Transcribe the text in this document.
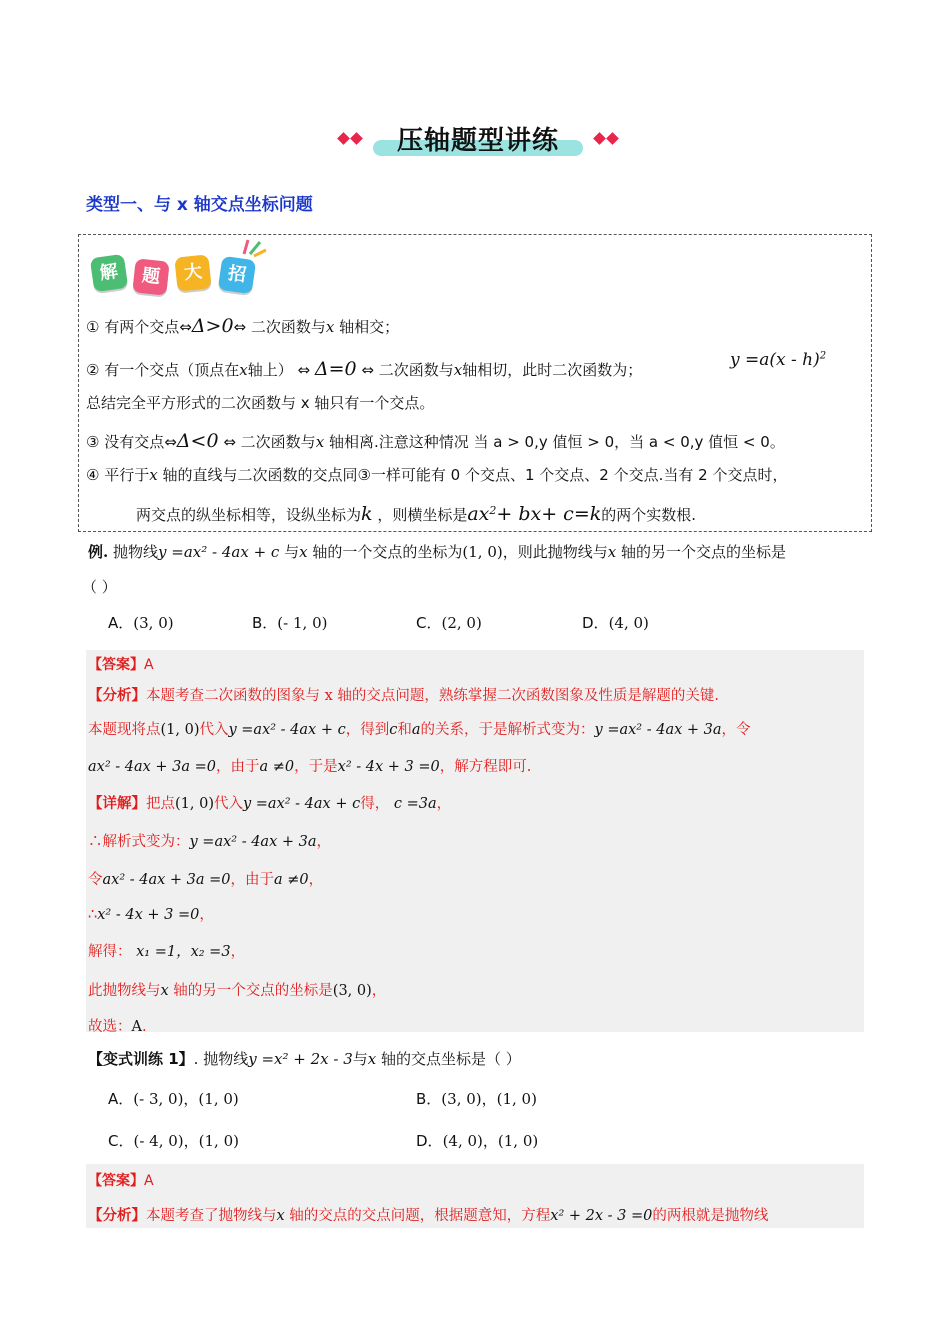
压轴题型讲练
类型一、与 x 轴交点坐标问题
解	题	大	招
① 有两个交点⇔Δ>0⇔ 二次函数与x 轴相交；
② 有一个交点（顶点在x轴上） ⇔ Δ=0 ⇔ 二次函数与x轴相切，此时二次函数为；	y =a(x - h)$^2$
总结完全平方形式的二次函数与 x 轴只有一个交点。
③ 没有交点⇔Δ<0 ⇔ 二次函数与x 轴相离.注意这种情况 当 a > 0,y 值恒 > 0，当 a < 0,y 值恒 < 0。
④ 平行于x 轴的直线与二次函数的交点同③一样可能有 0 个交点、1 个交点、2 个交点.当有 2 个交点时，
两交点的纵坐标相等，设纵坐标为k ，则横坐标是$ax^2+ bx+ c=k$的两个实数根.
例. 抛物线y =ax² - 4ax + c 与x 轴的一个交点的坐标为(1, 0)，则此抛物线与x 轴的另一个交点的坐标是
（ ）
A．(3, 0)	B．(- 1, 0)	C．(2, 0)	D．(4, 0)
【答案】A
【分析】本题考查二次函数的图象与 x 轴的交点问题，熟练掌握二次函数图象及性质是解题的关键.
本题现将点(1, 0)代入y =ax² - 4ax + c，得到c和a的关系，于是解析式变为：y =ax² - 4ax + 3a，令
ax² - 4ax + 3a =0，由于a ≠0，于是x² - 4x + 3 =0，解方程即可.
【详解】把点(1, 0)代入y =ax² - 4ax + c得， c =3a，
∴解析式变为：y =ax² - 4ax + 3a，
令ax² - 4ax + 3a =0，由于a ≠0，
∴x² - 4x + 3 =0，
解得： x₁ =1，x₂ =3，
此抛物线与x 轴的另一个交点的坐标是(3, 0)，
故选：A.
【变式训练 1】. 抛物线y =x² + 2x - 3与x 轴的交点坐标是（ ）
A．(- 3, 0)，(1, 0)	B．(3, 0)，(1, 0)
C．(- 4, 0)，(1, 0)	D．(4, 0)，(1, 0)
【答案】A
【分析】本题考查了抛物线与x 轴的交点的交点问题，根据题意知，方程x² + 2x - 3 =0的两根就是抛物线
